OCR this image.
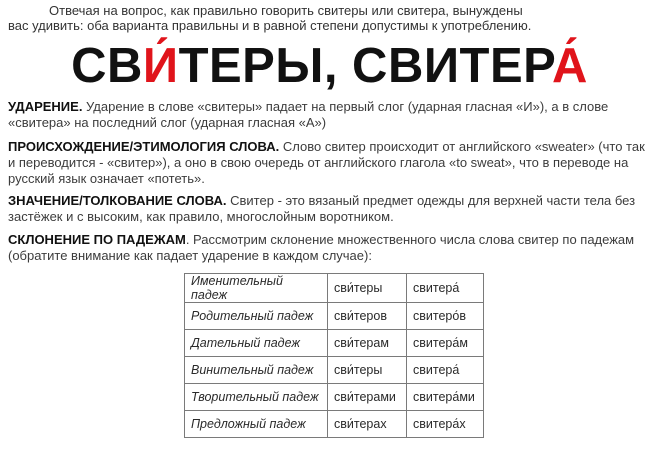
Отвечая на вопрос, как правильно говорить свитеры или свитера, вынуждены
вас удивить: оба варианта правильны и в равной степени допустимы к употреблению.
СВИ́ТЕРЫ, СВИТЕРА́
УДАРЕНИЕ. Ударение в слове «свитеры» падает на первый слог (ударная гласная «И»), а в слове «свитера» на последний слог (ударная гласная «А»)
ПРОИСХОЖДЕНИЕ/ЭТИМОЛОГИЯ СЛОВА. Слово свитер происходит от английского «sweater» (что так и переводится - «свитер»), а оно в свою очередь от английского глагола «to sweat», что в переводе на русский язык означает «потеть».
ЗНАЧЕНИЕ/ТОЛКОВАНИЕ СЛОВА. Свитер - это вязаный предмет одежды для верхней части тела без застёжек и с высоким, как правило, многослойным воротником.
СКЛОНЕНИЕ ПО ПАДЕЖАМ. Рассмотрим склонение множественного числа слова свитер по падежам (обратите внимание как падает ударение в каждом случае):
Именительный падеж	сви́теры	свитера́
Родительный падеж	сви́теров	свитеро́в
Дательный падеж	сви́терам	свитера́м
Винительный падеж	сви́теры	свитера́
Творительный падеж	сви́терами	свитера́ми
Предложный падеж	сви́терах	свитера́х
